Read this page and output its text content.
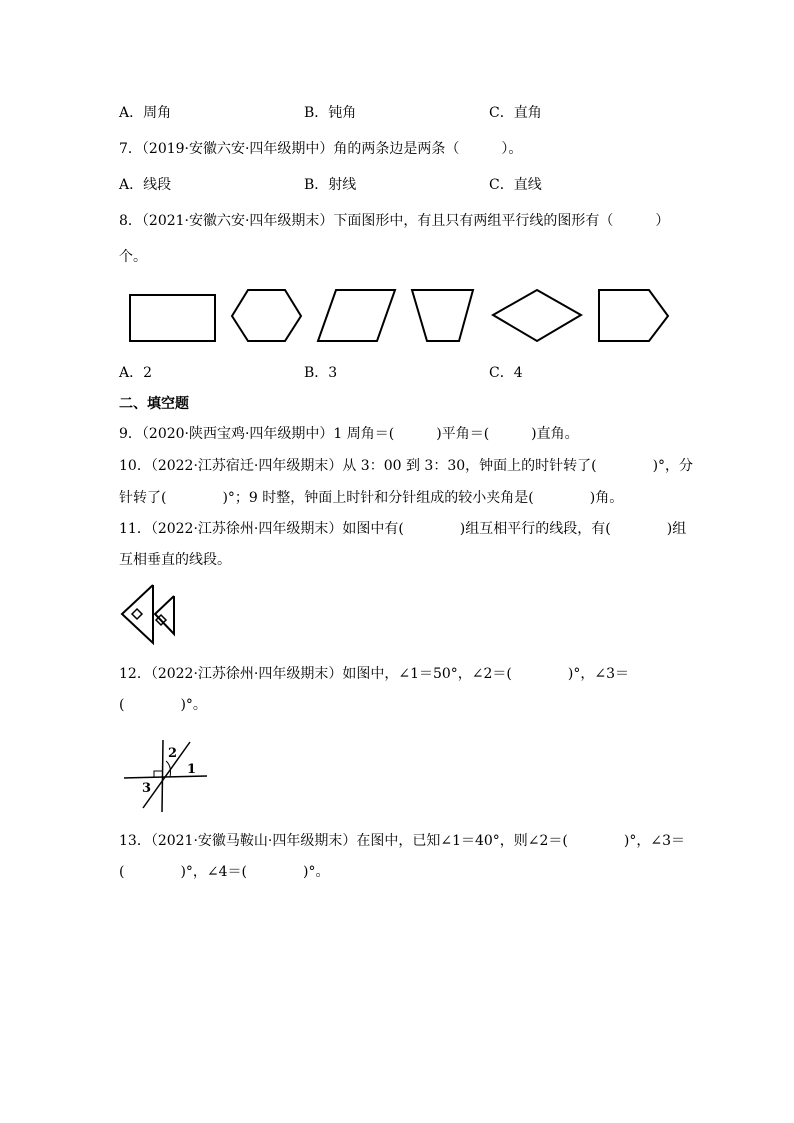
A．周角	B．钝角	C．直角
7．（2019·安徽六安·四年级期中）角的两条边是两条（　　　）。
A．线段	B．射线	C．直线
8．（2021·安徽六安·四年级期末）下面图形中，有且只有两组平行线的图形有（　　　）
个。
A．2	B．3	C．4
二、填空题
9．（2020·陕西宝鸡·四年级期中）1 周角＝(　　　)平角＝(　　　)直角。
10．（2022·江苏宿迁·四年级期末）从 3：00 到 3：30，钟面上的时针转了(　　　　)°，分
针转了(　　　　)°；9 时整，钟面上时针和分针组成的较小夹角是(　　　　)角。
11．（2022·江苏徐州·四年级期末）如图中有(　　　　)组互相平行的线段，有(　　　　)组
互相垂直的线段。
12．（2022·江苏徐州·四年级期末）如图中，∠1＝50°，∠2＝(　　　　)°，∠3＝
(　　　　)°。
2
1
3
13．（2021·安徽马鞍山·四年级期末）在图中，已知∠1＝40°，则∠2＝(　　　　)°，∠3＝
(　　　　)°，∠4＝(　　　　)°。
